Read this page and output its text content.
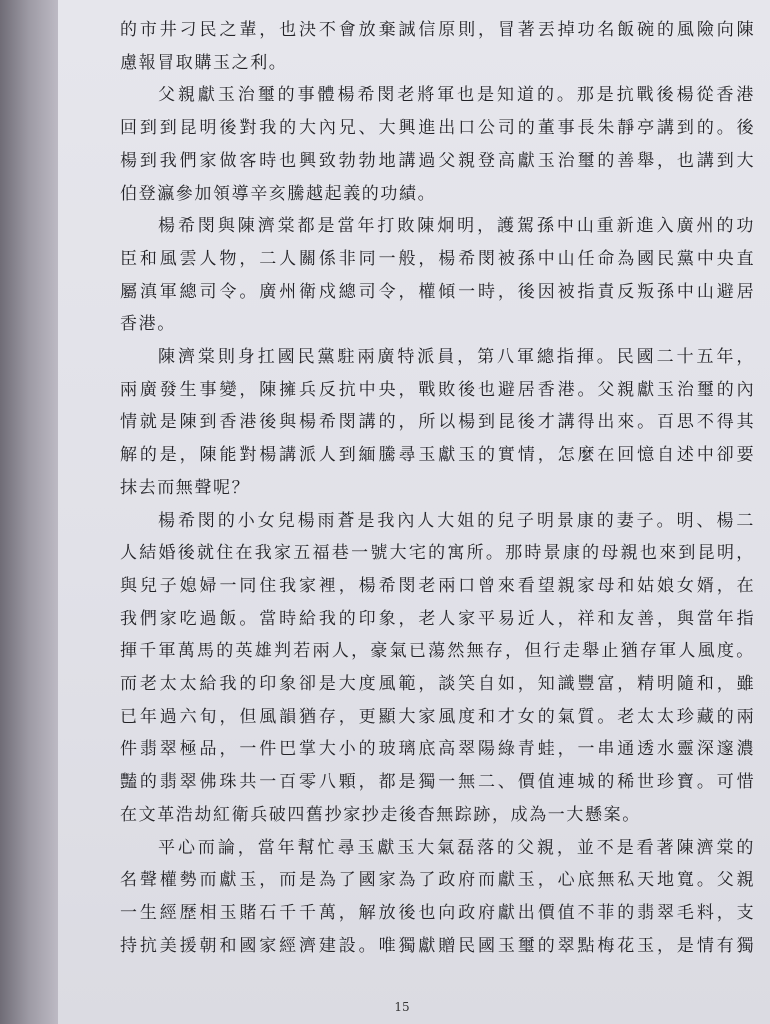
的市井刁民之輩，也決不會放棄誠信原則，冒著丟掉功名飯碗的風險向陳
慮報冒取購玉之利。
父親獻玉治璽的事體楊希閔老將軍也是知道的。那是抗戰後楊從香港
回到到昆明後對我的大內兄、大興進出口公司的董事長朱靜亭講到的。後
楊到我們家做客時也興致勃勃地講過父親登高獻玉治璽的善舉，也講到大
伯登瀛參加領導辛亥騰越起義的功績。
楊希閔與陳濟棠都是當年打敗陳炯明，護駕孫中山重新進入廣州的功
臣和風雲人物，二人關係非同一般，楊希閔被孫中山任命為國民黨中央直
屬滇軍總司令。廣州衛戍總司令，權傾一時，後因被指責反叛孫中山避居
香港。
陳濟棠則身扛國民黨駐兩廣特派員，第八軍總指揮。民國二十五年，
兩廣發生事變，陳擁兵反抗中央，戰敗後也避居香港。父親獻玉治璽的內
情就是陳到香港後與楊希閔講的，所以楊到昆後才講得出來。百思不得其
解的是，陳能對楊講派人到緬騰尋玉獻玉的實情，怎麼在回憶自述中卻要
抹去而無聲呢？
楊希閔的小女兒楊雨蒼是我內人大姐的兒子明景康的妻子。明、楊二
人結婚後就住在我家五福巷一號大宅的寓所。那時景康的母親也來到昆明，
與兒子媳婦一同住我家裡，楊希閔老兩口曾來看望親家母和姑娘女婿，在
我們家吃過飯。當時給我的印象，老人家平易近人，祥和友善，與當年指
揮千軍萬馬的英雄判若兩人，豪氣已蕩然無存，但行走舉止猶存軍人風度。
而老太太給我的印象卻是大度風範，談笑自如，知識豐富，精明隨和，雖
已年過六旬，但風韻猶存，更顯大家風度和才女的氣質。老太太珍藏的兩
件翡翠極品，一件巴掌大小的玻璃底高翠陽綠青蛙，一串通透水靈深邃濃
豔的翡翠佛珠共一百零八顆，都是獨一無二、價值連城的稀世珍寶。可惜
在文革浩劫紅衛兵破四舊抄家抄走後杳無踪跡，成為一大懸案。
平心而論，當年幫忙尋玉獻玉大氣磊落的父親，並不是看著陳濟棠的
名聲權勢而獻玉，而是為了國家為了政府而獻玉，心底無私天地寬。父親
一生經歷相玉賭石千千萬，解放後也向政府獻出價值不菲的翡翠毛料，支
持抗美援朝和國家經濟建設。唯獨獻贈民國玉璽的翠點梅花玉，是情有獨
15
